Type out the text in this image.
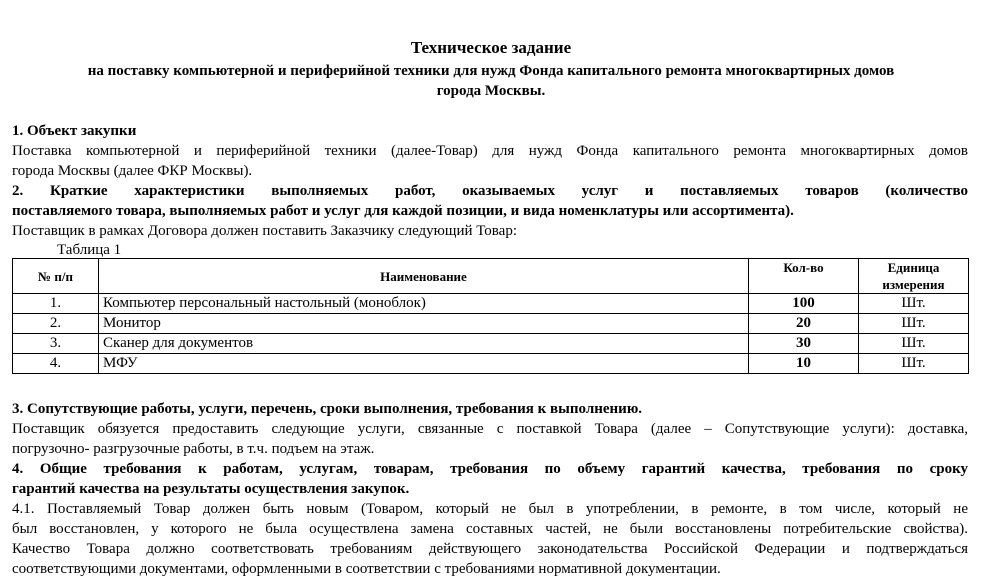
Техническое задание
на поставку компьютерной и периферийной техники для нужд Фонда капитального ремонта многоквартирных домов
города Москвы.
1. Объект закупки
Поставка компьютерной и периферийной техники (далее-Товар) для нужд Фонда капитального ремонта многоквартирных домов
города Москвы (далее ФКР Москвы).
2. Краткие характеристики выполняемых работ, оказываемых услуг и поставляемых товаров (количество
поставляемого товара, выполняемых работ и услуг для каждой позиции, и вида номенклатуры или ассортимента).
Поставщик в рамках Договора должен поставить Заказчику следующий Товар:
Таблица 1
№ п/п	Наименование	Кол-во	Единица
измерения

1.	Компьютер персональный настольный (моноблок)	100	Шт.
2.	Монитор	20	Шт.
3.	Сканер для документов	30	Шт.
4.	МФУ	10	Шт.
3. Сопутствующие работы, услуги, перечень, сроки выполнения, требования к выполнению.
Поставщик обязуется предоставить следующие услуги, связанные с поставкой Товара (далее – Сопутствующие услуги): доставка,
погрузочно- разгрузочные работы, в т.ч. подъем на этаж.
4. Общие требования к работам, услугам, товарам, требования по объему гарантий качества, требования по сроку
гарантий качества на результаты осуществления закупок.
4.1. Поставляемый Товар должен быть новым (Товаром, который не был в употреблении, в ремонте, в том числе, который не
был восстановлен, у которого не была осуществлена замена составных частей, не были восстановлены потребительские свойства).
Качество Товара должно соответствовать требованиям действующего законодательства Российской Федерации и подтверждаться
соответствующими документами, оформленными в соответствии с требованиями нормативной документации.
